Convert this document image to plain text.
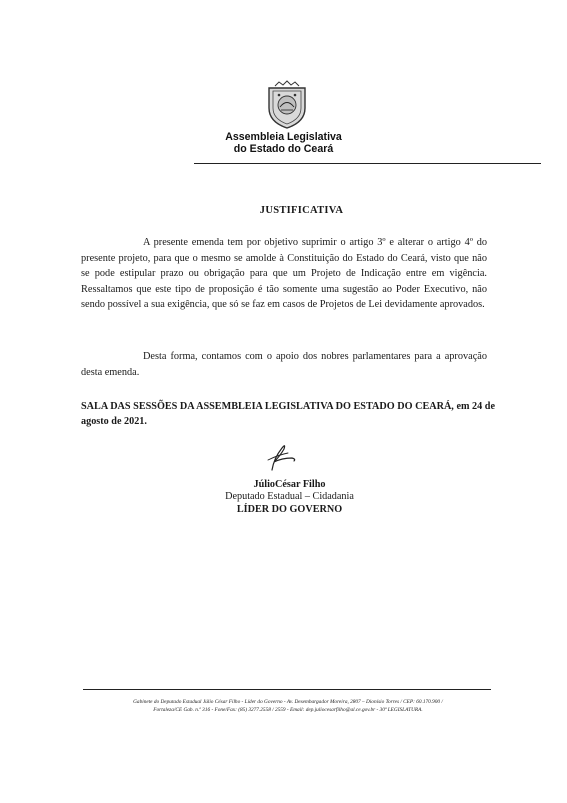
Assembleia Legislativa
do Estado do Ceará
JUSTIFICATIVA

A presente emenda tem por objetivo suprimir o artigo 3º e alterar o artigo 4º do presente projeto, para que o mesmo se amolde à Constituição do Estado do Ceará, visto que não se pode estipular prazo ou obrigação para que um Projeto de Indicação entre em vigência. Ressaltamos que este tipo de proposição é tão somente uma sugestão ao Poder Executivo, não sendo possível a sua exigência, que só se faz em casos de Projetos de Lei devidamente aprovados.

Desta forma, contamos com o apoio dos nobres parlamentares para a aprovação desta emenda.

SALA DAS SESSÕES DA ASSEMBLEIA LEGISLATIVA DO ESTADO DO CEARÁ, em 24 de agosto de 2021.

JúlioCésar Filho
Deputado Estadual – Cidadania
LÍDER DO GOVERNO
Gabinete do Deputado Estadual Júlio César Filho - Líder do Governo - Av. Desembargador Moreira, 2807 – Dionísio Torres / CEP: 60.170.900 /
Fortaleza/CE Gab. n.º 316 - Fone/Fax: (85) 3277.2558 / 2559 - Email: dep.juliocesarfilho@al.ce.gov.br - 30ª LEGISLATURA.
